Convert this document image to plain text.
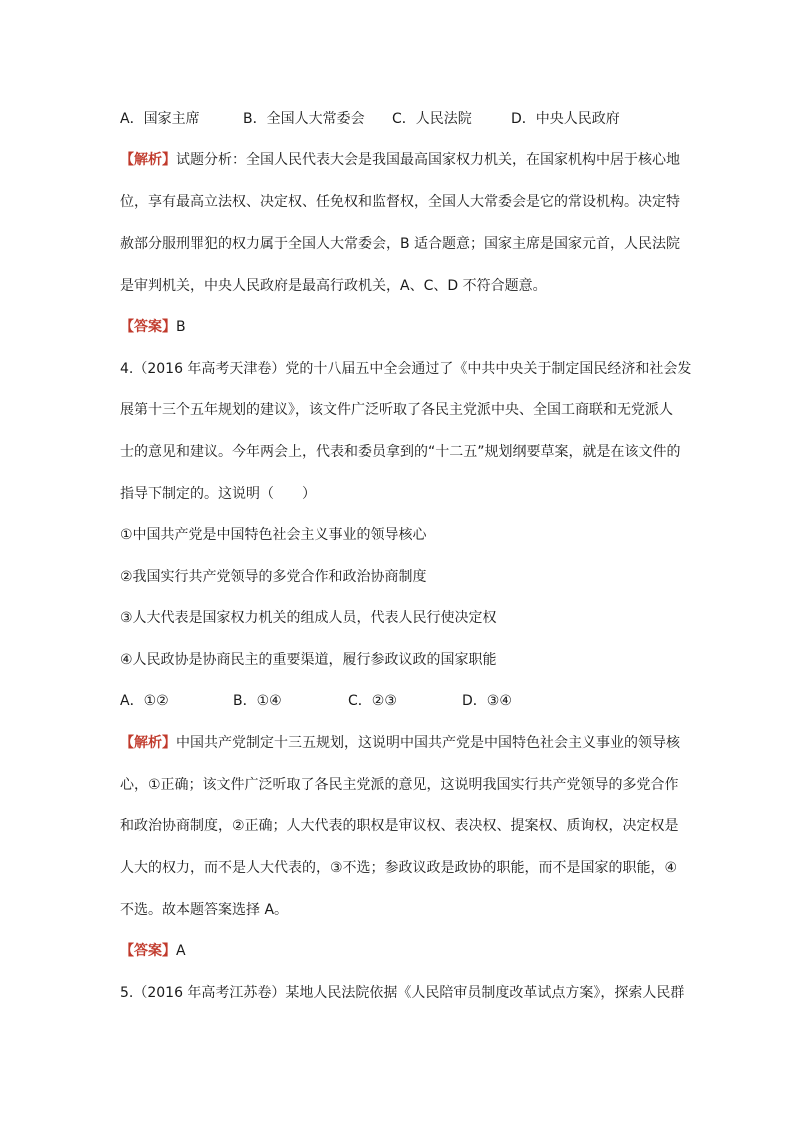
A．国家主席	B．全国人大常委会 C．人民法院	D．中央人民政府
【解析】试题分析：全国人民代表大会是我国最高国家权力机关，在国家机构中居于核心地
位，享有最高立法权、决定权、任免权和监督权，全国人大常委会是它的常设机构。决定特
赦部分服刑罪犯的权力属于全国人大常委会，B 适合题意；国家主席是国家元首，人民法院
是审判机关，中央人民政府是最高行政机关，A、C、D 不符合题意。
【答案】B
4.（2016 年高考天津卷）党的十八届五中全会通过了《中共中央关于制定国民经济和社会发
展第十三个五年规划的建议》，该文件广泛听取了各民主党派中央、全国工商联和无党派人
士的意见和建议。今年两会上，代表和委员拿到的“十二五”规划纲要草案，就是在该文件的
指导下制定的。这说明（　　）
①中国共产党是中国特色社会主义事业的领导核心
②我国实行共产党领导的多党合作和政治协商制度
③人大代表是国家权力机关的组成人员，代表人民行使决定权
④人民政协是协商民主的重要渠道，履行参政议政的国家职能
A．①②	B．①④	C．②③	D．③④
【解析】中国共产党制定十三五规划，这说明中国共产党是中国特色社会主义事业的领导核
心，①正确；该文件广泛听取了各民主党派的意见，这说明我国实行共产党领导的多党合作
和政治协商制度，②正确；人大代表的职权是审议权、表决权、提案权、质询权，决定权是
人大的权力，而不是人大代表的，③不选；参政议政是政协的职能，而不是国家的职能，④
不选。故本题答案选择 A。
【答案】A
5.（2016 年高考江苏卷）某地人民法院依据《人民陪审员制度改革试点方案》，探索人民群
